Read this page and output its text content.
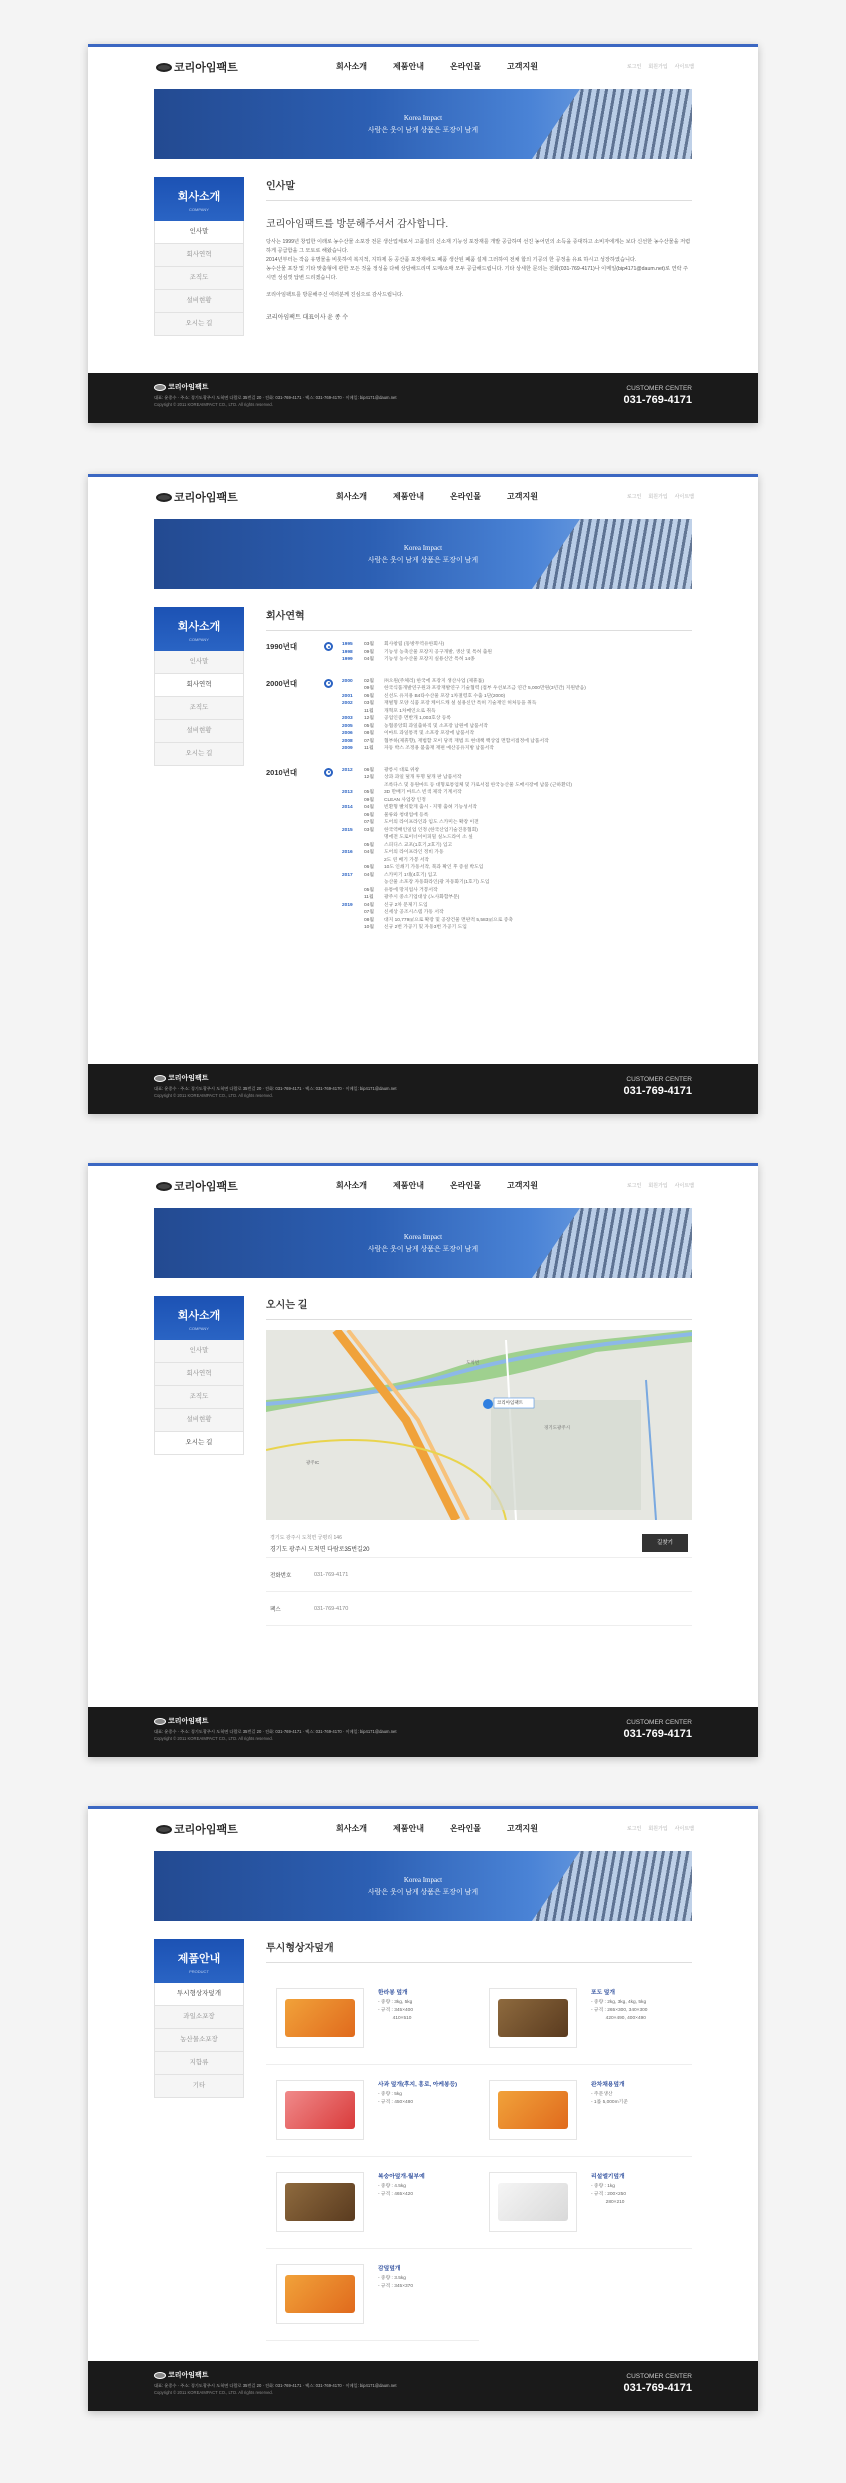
코리아임팩트	회사소개	제품안내	온라인몰	고객지원	로그인 회원가입 사이트맵
Korea Impact
사람은 웃이 남게 상품은 포장이 남게
회사소개
COMPANY
인사말
회사연혁
조직도
설비현황
오시는 길
인사말
코리아임팩트를 방문해주셔서 감사합니다.

당사는 1999년 창업한 이래로 농수산물 소포장 전문 생산업체로서 고품질의 신소재 기능성 포장재를 개발 공급하며 선진 농어민의 소득을 증대하고 소비자에게는 보다 신선한 농수산물을 저렴하게 공급함을 그 모토로 해왔습니다.

2014년부터는 작음 유명물을 비롯하여 복지적, 지하제 등 공산품 포장재에도 폐품 생산된 폐품 설계 그러하여 전채 합의 기공의 한 공정을 유료 하시고 성장하였습니다.

농수산물 포장 및 기타 맞춤형에 관한 모든 것을 정성을 다해 상담해드리며 도매/소매 모두 공급해드립니다. 기타 상세한 문의는 전화(031-769-4171)나 이메일(bip4171@daum.net)로 연락 주시면 성심껏 답변 드리겠습니다.

코리아임팩트를 방문해주신 여러분께 진심으로 감사드립니다.

코리아임팩트 대표이사 윤 종 수
코리아임팩트
대표: 윤종수 · 주소: 경기도광주시 도척면 다람로 35번길 20 · 전화: 031-769-4171 · 팩스: 031-769-4170 · 이메일: bip4171@daum.net
Copyright © 2011 KOREAIMPACT CO., LTD. All rights reserved.
CUSTOMER CENTER
031-769-4171
코리아임팩트	회사소개	제품안내	온라인몰	고객지원	로그인 회원가입 사이트맵
Korea Impact
사람은 웃이 남게 상품은 포장이 남게
회사소개
COMPANY
인사말
회사연혁
조직도
설비현황
오시는 길
회사연혁
1990년대	1995	03월	회사창립 (동방무역유한회사)
1998	09월	기능성 농축산물 포장지 공구개발, 생산 및 특허 출원
1999	04월	기능성 농수산물 포장지 실용신안 특허 14종
2000년대	2000	02월	㈜오원(주체리) 한국에 포장지 생산사업 (제휴툴)
09월	한국식품개발연구원과 포장재발연구 기술협력 (접부 우선보조금 연간 5,000만원(3년간) 지원받음)
2001	06월	신선도 유지용 B4타수산물 포장 1차절령호 수출 1단(2000)
2002	03월	재벌형 모양 식품 포장 케이드캐 설 실용신안 특허 기술재인 허처등을 취득
11월	개혁포 1차매인으로 취득
2003	12월	공업인증 면반개 1,003호상 등록
2005	05월	농협중앙회 과일출하직 및 소포장 납원에 납품서작
2006	08월	이마트 과일통적 및 소포장 포장에 납품서작
2008	07월	협부하(제휴향), 재법할 모이 당적 재법 트 현대책 백상업 면합서접정에 납품서작
2009	11월	자동 박스 조정용 불출재 재편 예산공유지방 납품서작
2010년대	2012	06월	광릉시 대로 위창
12월	상과 과일 덮개 투명 덮개 판 납품서작
조록다스 및 동원마트 등 대형로통업체 및 가로서점 한국농산물 도매시장에 납품 (근하환터)
2013	05월	3D 만배기 마트스 빈색 제작 기계서작
09월	CLEAN 사업장 인정
2014	04월	빈환형 빨치맞게 출시 - 지명 출혀 기능성서작
06월	물류와 청대업에 등록
07월	도어의 라이프라인과 임도 스카미는 확장 이전
2015	03월	한국역배인일업 인정 (한국산업기술진흥협회)
명에전 도로이너이이피밀 실노드라이 소 싶
05월	스피디스 교포(1호기,2호기) 입고
2016	04월	도어의 라이프라인 정비 가동
2도 연 배기 가봉 서작
06월	10도 인쇄기 가동서작, 북과 확인 후 증설 박도입
2017	04월	스카미기 1대(4호기) 입고
농산물 소포장 자동화라인(광 자동화기(1호기) 도입
05월	유통에 망지업사 거봉서작
11월	광주시 중소기업대상 (노사화합부문)
2019	04월	신규 2차 문제기 도입
07월	신세상 공조시스템 가동 서작
08월	대지 10,779㎡으로 확장 및 공장건물 면판적 5,583㎡으로 증축
10월	신규 2번 가공기 및 자동3번 가공기 도입
코리아임팩트
대표: 윤종수 · 주소: 경기도광주시 도척면 다람로 35번길 20 · 전화: 031-769-4171 · 팩스: 031-769-4170 · 이메일: bip4171@daum.net
Copyright © 2011 KOREAIMPACT CO., LTD. All rights reserved.
CUSTOMER CENTER
031-769-4171
코리아임팩트	회사소개	제품안내	온라인몰	고객지원	로그인 회원가입 사이트맵
Korea Impact
사람은 웃이 남게 상품은 포장이 남게
회사소개
COMPANY
인사말
회사연혁
조직도
설비현황
오시는 길
오시는 길
코리아임팩트
경기도광주시
도척면
광주IC
경기도 광주시 도척면 궁평리 146
경기도 광주시 도척면 다람로35번길20
길찾기
전화번호	031-769-4171
팩스	031-769-4170
코리아임팩트
대표: 윤종수 · 주소: 경기도광주시 도척면 다람로 35번길 20 · 전화: 031-769-4171 · 팩스: 031-769-4170 · 이메일: bip4171@daum.net
Copyright © 2011 KOREAIMPACT CO., LTD. All rights reserved.
CUSTOMER CENTER
031-769-4171
코리아임팩트	회사소개	제품안내	온라인몰	고객지원	로그인 회원가입 사이트맵
Korea Impact
사람은 웃이 남게 상품은 포장이 남게
제품안내
PRODUCT
투시형상자덮개
과일소포장
농산물소포장
지함류
기타
투시형상자덮개
한라봉 덮개
- 중량 : 3kg, 5kg
- 규격 : 345×400
410×510
포도 덮개
- 중량 : 2kg, 3kg, 4kg, 5kg
- 규격 : 265×300, 340×300
420×490, 400×490
사과 덮개(후지, 홍로, 아케봉등)
- 중량 : 5kg
- 규격 : 450×480
완차채용덮개
- 주문생산
- 1롤 5,000m기준
복숭아덮개-월부예
- 중량 : 4.5kg
- 규격 : 465×420
리설엘기덮개
- 중량 : 1kg
- 규격 : 200×250
280×210
감덮덮개
- 중량 : 3.5kg
- 규격 : 345×370
코리아임팩트
대표: 윤종수 · 주소: 경기도광주시 도척면 다람로 35번길 20 · 전화: 031-769-4171 · 팩스: 031-769-4170 · 이메일: bip4171@daum.net
Copyright © 2011 KOREAIMPACT CO., LTD. All rights reserved.
CUSTOMER CENTER
031-769-4171
